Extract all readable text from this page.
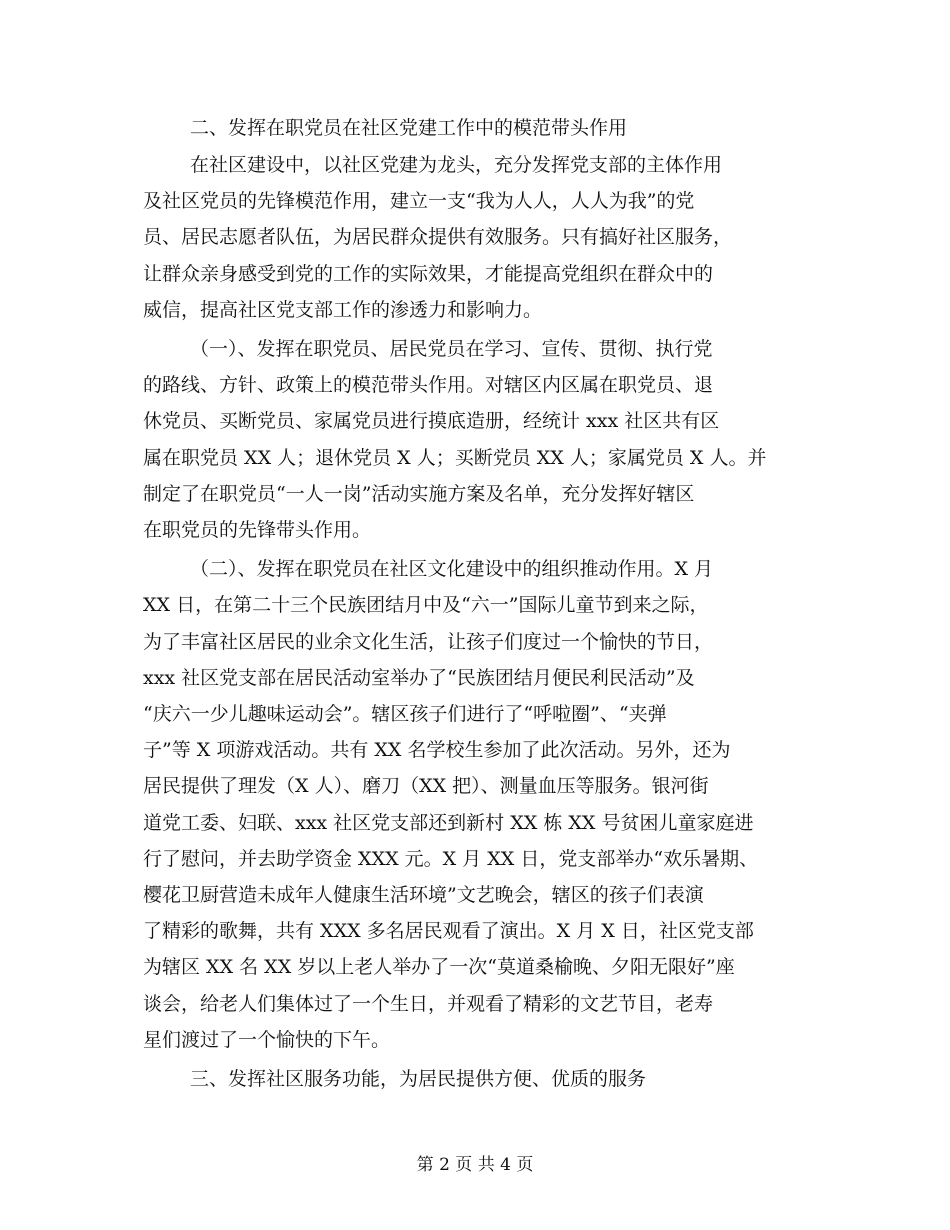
二、发挥在职党员在社区党建工作中的模范带头作用
在社区建设中，以社区党建为龙头，充分发挥党支部的主体作用
及社区党员的先锋模范作用，建立一支“我为人人，人人为我”的党
员、居民志愿者队伍，为居民群众提供有效服务。只有搞好社区服务，
让群众亲身感受到党的工作的实际效果，才能提高党组织在群众中的
威信，提高社区党支部工作的渗透力和影响力。
（一）、发挥在职党员、居民党员在学习、宣传、贯彻、执行党
的路线、方针、政策上的模范带头作用。对辖区内区属在职党员、退
休党员、买断党员、家属党员进行摸底造册，经统计 xxx 社区共有区
属在职党员 XX 人；退休党员 X 人；买断党员 XX 人；家属党员 X 人。并
制定了在职党员“一人一岗”活动实施方案及名单，充分发挥好辖区
在职党员的先锋带头作用。
（二）、发挥在职党员在社区文化建设中的组织推动作用。X 月
XX 日，在第二十三个民族团结月中及“六一”国际儿童节到来之际，
为了丰富社区居民的业余文化生活，让孩子们度过一个愉快的节日，
xxx 社区党支部在居民活动室举办了“民族团结月便民利民活动”及
“庆六一少儿趣味运动会”。辖区孩子们进行了“呼啦圈”、“夹弹
子”等 X 项游戏活动。共有 XX 名学校生参加了此次活动。另外，还为
居民提供了理发（X 人）、磨刀（XX 把）、测量血压等服务。银河街
道党工委、妇联、xxx 社区党支部还到新村 XX 栋 XX 号贫困儿童家庭进
行了慰问，并去助学资金 XXX 元。X 月 XX 日，党支部举办“欢乐暑期、
樱花卫厨营造未成年人健康生活环境”文艺晚会，辖区的孩子们表演
了精彩的歌舞，共有 XXX 多名居民观看了演出。X 月 X 日，社区党支部
为辖区 XX 名 XX 岁以上老人举办了一次“莫道桑榆晚、夕阳无限好”座
谈会，给老人们集体过了一个生日，并观看了精彩的文艺节目，老寿
星们渡过了一个愉快的下午。
三、发挥社区服务功能，为居民提供方便、优质的服务
第 2 页 共 4 页
